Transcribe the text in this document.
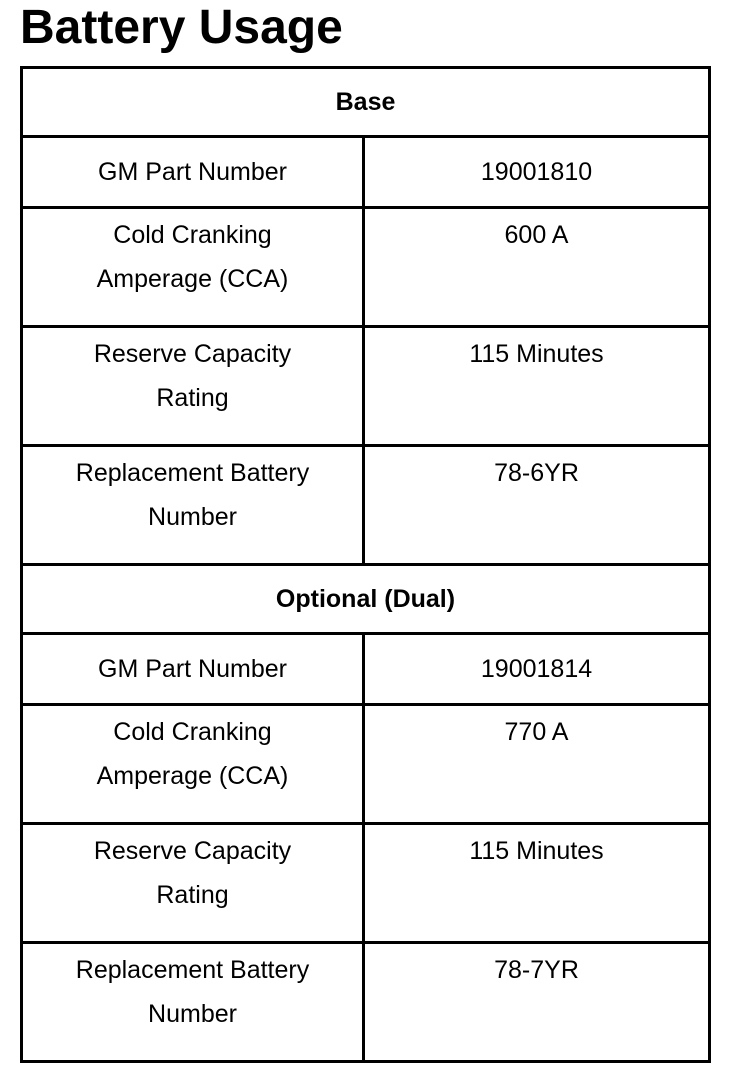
Battery Usage
Base	
GM Part Number	19001810

Cold Cranking
Amperage (CCA)	600 A

Reserve Capacity
Rating	115 Minutes

Replacement Battery
Number	78-6YR
Optional (Dual)	
GM Part Number	19001814

Cold Cranking
Amperage (CCA)	770 A

Reserve Capacity
Rating	115 Minutes

Replacement Battery
Number	78-7YR
